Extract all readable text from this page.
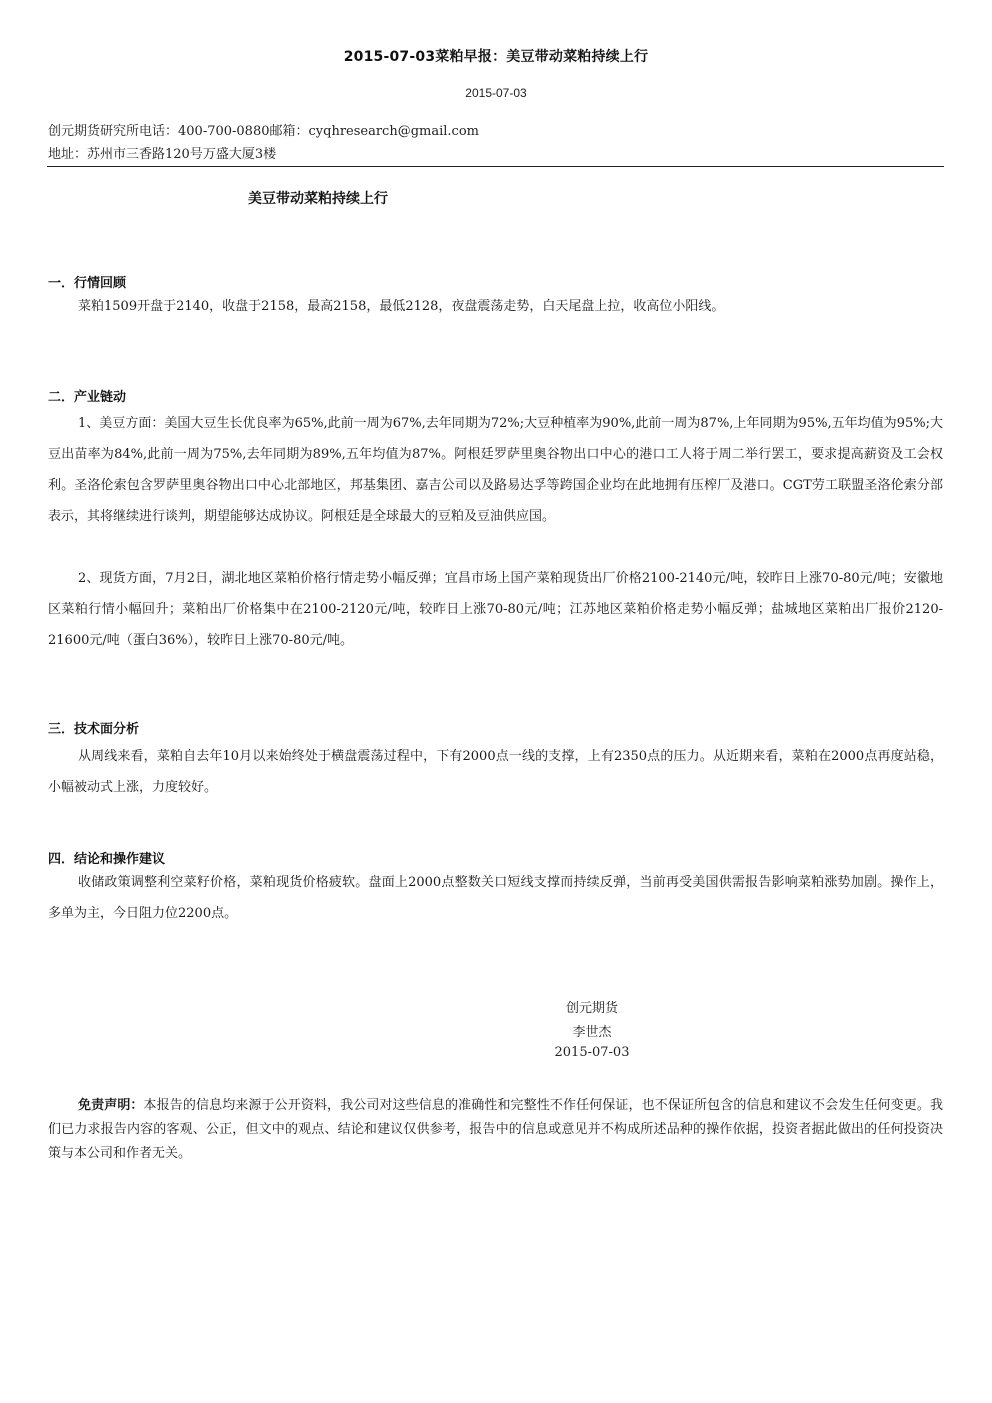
2015-07-03菜粕早报：美豆带动菜粕持续上行
2015-07-03
创元期货研究所电话：400-700-0880邮箱：cyqhresearch@gmail.com
地址：苏州市三香路120号万盛大厦3楼
美豆带动菜粕持续上行
一．行情回顾
菜粕1509开盘于2140，收盘于2158，最高2158，最低2128，夜盘震荡走势，白天尾盘上拉，收高位小阳线。
二．产业链动
1、美豆方面：美国大豆生长优良率为65%,此前一周为67%,去年同期为72%;大豆种植率为90%,此前一周为87%,上年同期为95%,五年均值为95%;大豆出苗率为84%,此前一周为75%,去年同期为89%,五年均值为87%。阿根廷罗萨里奥谷物出口中心的港口工人将于周二举行罢工，要求提高薪资及工会权利。圣洛伦索包含罗萨里奥谷物出口中心北部地区，邦基集团、嘉吉公司以及路易达孚等跨国企业均在此地拥有压榨厂及港口。CGT劳工联盟圣洛伦索分部表示，其将继续进行谈判，期望能够达成协议。阿根廷是全球最大的豆粕及豆油供应国。
2、现货方面，7月2日，湖北地区菜粕价格行情走势小幅反弹；宜昌市场上国产菜粕现货出厂价格2100-2140元/吨，较昨日上涨70-80元/吨；安徽地区菜粕行情小幅回升；菜粕出厂价格集中在2100-2120元/吨，较昨日上涨70-80元/吨；江苏地区菜粕价格走势小幅反弹；盐城地区菜粕出厂报价2120-21600元/吨（蛋白36%），较昨日上涨70-80元/吨。
三．技术面分析
从周线来看，菜粕自去年10月以来始终处于横盘震荡过程中，下有2000点一线的支撑，上有2350点的压力。从近期来看，菜粕在2000点再度站稳，小幅被动式上涨，力度较好。
四．结论和操作建议
收储政策调整利空菜籽价格，菜粕现货价格疲软。盘面上2000点整数关口短线支撑而持续反弹，当前再受美国供需报告影响菜粕涨势加剧。操作上，多单为主，今日阻力位2200点。
创元期货
李世杰
2015-07-03
免责声明：本报告的信息均来源于公开资料，我公司对这些信息的准确性和完整性不作任何保证，也不保证所包含的信息和建议不会发生任何变更。我们已力求报告内容的客观、公正，但文中的观点、结论和建议仅供参考，报告中的信息或意见并不构成所述品种的操作依据，投资者据此做出的任何投资决策与本公司和作者无关。
